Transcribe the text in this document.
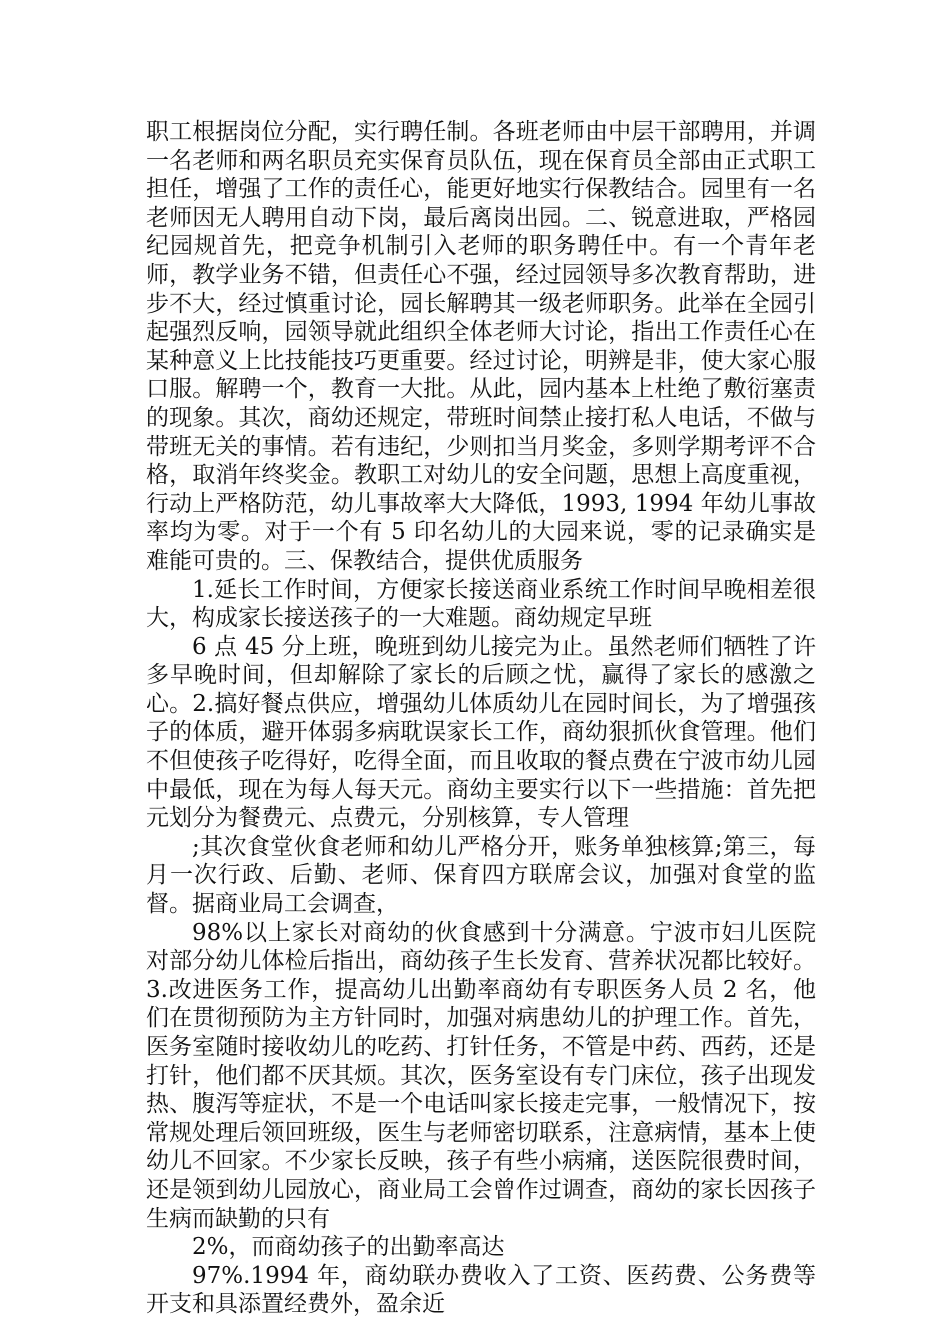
职工根据岗位分配，实行聘任制。各班老师由中层干部聘用，并调一名老师和两名职员充实保育员队伍，现在保育员全部由正式职工担任，增强了工作的责任心，能更好地实行保教结合。园里有一名老师因无人聘用自动下岗，最后离岗出园。二、锐意进取，严格园纪园规首先，把竞争机制引入老师的职务聘任中。有一个青年老师，教学业务不错，但责任心不强，经过园领导多次教育帮助，进步不大，经过慎重讨论，园长解聘其一级老师职务。此举在全园引起强烈反响，园领导就此组织全体老师大讨论，指出工作责任心在某种意义上比技能技巧更重要。经过讨论，明辨是非，使大家心服口服。解聘一个，教育一大批。从此，园内基本上杜绝了敷衍塞责的现象。其次，商幼还规定，带班时间禁止接打私人电话，不做与带班无关的事情。若有违纪，少则扣当月奖金，多则学期考评不合格，取消年终奖金。教职工对幼儿的安全问题，思想上高度重视，行动上严格防范，幼儿事故率大大降低，1993, 1994 年幼儿事故率均为零。对于一个有 5 印名幼儿的大园来说，零的记录确实是难能可贵的。三、保教结合，提供优质服务

1.延长工作时间，方便家长接送商业系统工作时间早晚相差很大，构成家长接送孩子的一大难题。商幼规定早班

6 点 45 分上班，晚班到幼儿接完为止。虽然老师们牺牲了许多早晚时间，但却解除了家长的后顾之忧，赢得了家长的感激之心。2.搞好餐点供应，增强幼儿体质幼儿在园时间长，为了增强孩子的体质，避开体弱多病耽误家长工作，商幼狠抓伙食管理。他们不但使孩子吃得好，吃得全面，而且收取的餐点费在宁波市幼儿园中最低，现在为每人每天元。商幼主要实行以下一些措施：首先把元划分为餐费元、点费元，分别核算，专人管理

;其次食堂伙食老师和幼儿严格分开，账务单独核算;第三，每月一次行政、后勤、老师、保育四方联席会议，加强对食堂的监督。据商业局工会调查，

98%以上家长对商幼的伙食感到十分满意。宁波市妇儿医院对部分幼儿体检后指出，商幼孩子生长发育、营养状况都比较好。3.改进医务工作，提高幼儿出勤率商幼有专职医务人员 2 名，他们在贯彻预防为主方针同时，加强对病患幼儿的护理工作。首先，医务室随时接收幼儿的吃药、打针任务，不管是中药、西药，还是打针，他们都不厌其烦。其次，医务室设有专门床位，孩子出现发热、腹泻等症状，不是一个电话叫家长接走完事，一般情况下，按常规处理后领回班级，医生与老师密切联系，注意病情，基本上使幼儿不回家。不少家长反映，孩子有些小病痛，送医院很费时间，还是领到幼儿园放心，商业局工会曾作过调查，商幼的家长因孩子生病而缺勤的只有

2%，而商幼孩子的出勤率高达

97%.1994 年，商幼联办费收入了工资、医药费、公务费等开支和具添置经费外，盈余近
